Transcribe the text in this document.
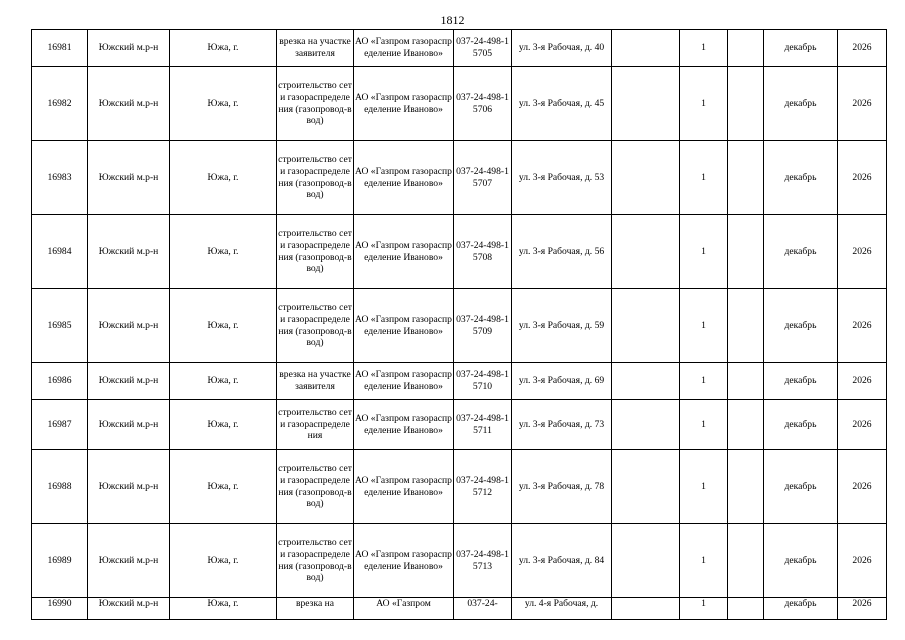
1812
16981	Южский м.р-н	Южа, г.	врезка на участке заявителя	АО «Газпром газораспределение Иваново»	037-24-498-15705	ул. 3-я Рабочая, д. 40		1		декабрь	2026
16982	Южский м.р-н	Южа, г.	строительство сети газораспределения (газопровод-ввод)	АО «Газпром газораспределение Иваново»	037-24-498-15706	ул. 3-я Рабочая, д. 45		1		декабрь	2026
16983	Южский м.р-н	Южа, г.	строительство сети газораспределения (газопровод-ввод)	АО «Газпром газораспределение Иваново»	037-24-498-15707	ул. 3-я Рабочая, д. 53		1		декабрь	2026
16984	Южский м.р-н	Южа, г.	строительство сети газораспределения (газопровод-ввод)	АО «Газпром газораспределение Иваново»	037-24-498-15708	ул. 3-я Рабочая, д. 56		1		декабрь	2026
16985	Южский м.р-н	Южа, г.	строительство сети газораспределения (газопровод-ввод)	АО «Газпром газораспределение Иваново»	037-24-498-15709	ул. 3-я Рабочая, д. 59		1		декабрь	2026
16986	Южский м.р-н	Южа, г.	врезка на участке заявителя	АО «Газпром газораспределение Иваново»	037-24-498-15710	ул. 3-я Рабочая, д. 69		1		декабрь	2026
16987	Южский м.р-н	Южа, г.	строительство сети газораспределения	АО «Газпром газораспределение Иваново»	037-24-498-15711	ул. 3-я Рабочая, д. 73		1		декабрь	2026
16988	Южский м.р-н	Южа, г.	строительство сети газораспределения (газопровод-ввод)	АО «Газпром газораспределение Иваново»	037-24-498-15712	ул. 3-я Рабочая, д. 78		1		декабрь	2026
16989	Южский м.р-н	Южа, г.	строительство сети газораспределения (газопровод-ввод)	АО «Газпром газораспределение Иваново»	037-24-498-15713	ул. 3-я Рабочая, д. 84		1		декабрь	2026
16990	Южский м.р-н	Южа, г.	врезка на	АО «Газпром	037-24-	ул. 4-я Рабочая, д.		1		декабрь	2026
